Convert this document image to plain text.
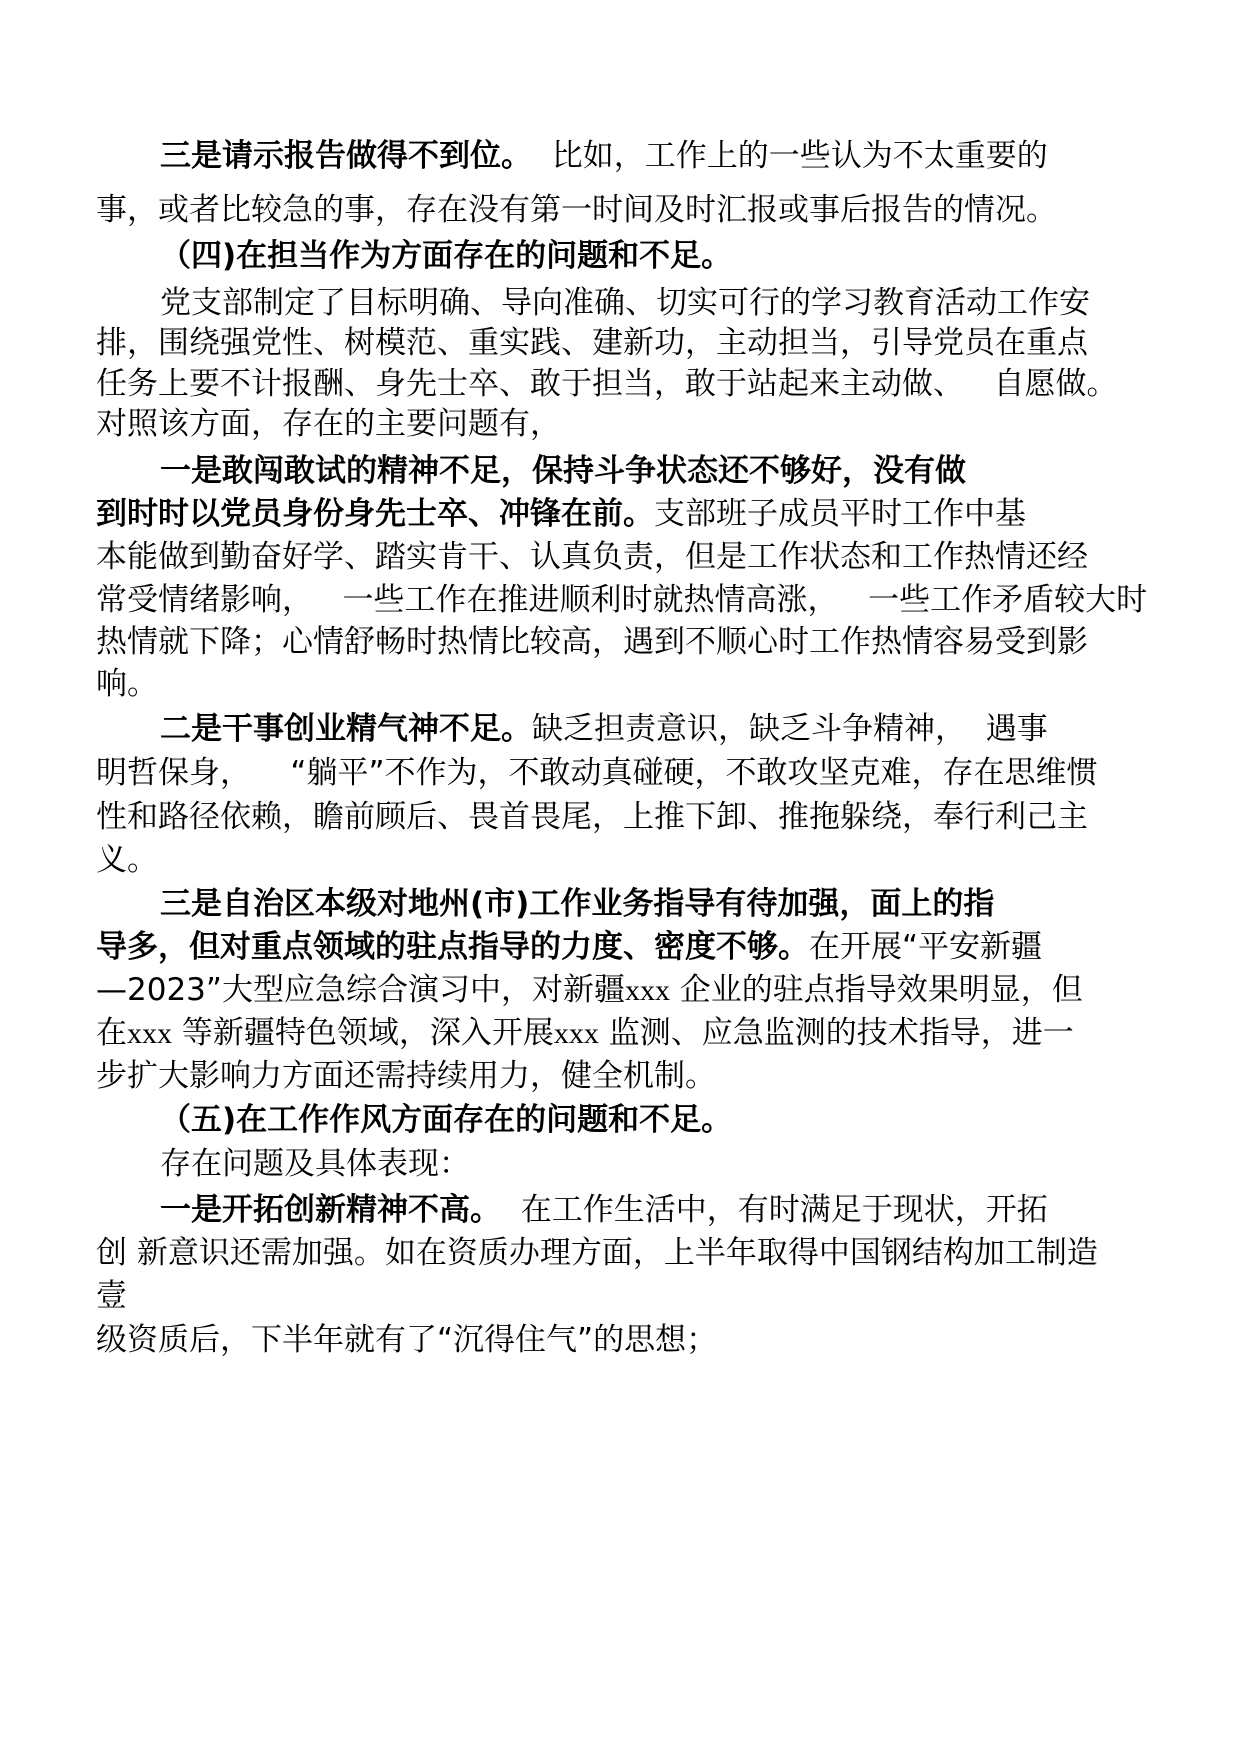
三是请示报告做得不到位。  比如，工作上的一些认为不太重要的
事，或者比较急的事，存在没有第一时间及时汇报或事后报告的情况。
（四)在担当作为方面存在的问题和不足。
党支部制定了目标明确、导向准确、切实可行的学习教育活动工作安
排，围绕强党性、树模范、重实践、建新功，主动担当，引导党员在重点
任务上要不计报酬、身先士卒、敢于担当，敢于站起来主动做、   自愿做。
对照该方面，存在的主要问题有，
一是敢闯敢试的精神不足，保持斗争状态还不够好，没有做
到时时以党员身份身先士卒、冲锋在前。支部班子成员平时工作中基
本能做到勤奋好学、踏实肯干、认真负责，但是工作状态和工作热情还经
常受情绪影响，   一些工作在推进顺利时就热情高涨，   一些工作矛盾较大时
热情就下降；心情舒畅时热情比较高，遇到不顺心时工作热情容易受到影
响。
二是干事创业精气神不足。缺乏担责意识，缺乏斗争精神，  遇事
明哲保身，    “躺平”不作为，不敢动真碰硬，不敢攻坚克难，存在思维惯
性和路径依赖，瞻前顾后、畏首畏尾，上推下卸、推拖躲绕，奉行利己主
义。
三是自治区本级对地州(市)工作业务指导有待加强，面上的指
导多，但对重点领域的驻点指导的力度、密度不够。在开展“平安新疆
—2023”大型应急综合演习中，对新疆xxx 企业的驻点指导效果明显，但
在xxx 等新疆特色领域，深入开展xxx 监测、应急监测的技术指导，进一
步扩大影响力方面还需持续用力，健全机制。
（五)在工作作风方面存在的问题和不足。
存在问题及具体表现：
一是开拓创新精神不高。  在工作生活中，有时满足于现状，开拓
创 新意识还需加强。如在资质办理方面，上半年取得中国钢结构加工制造
壹
级资质后，下半年就有了“沉得住气”的思想；
